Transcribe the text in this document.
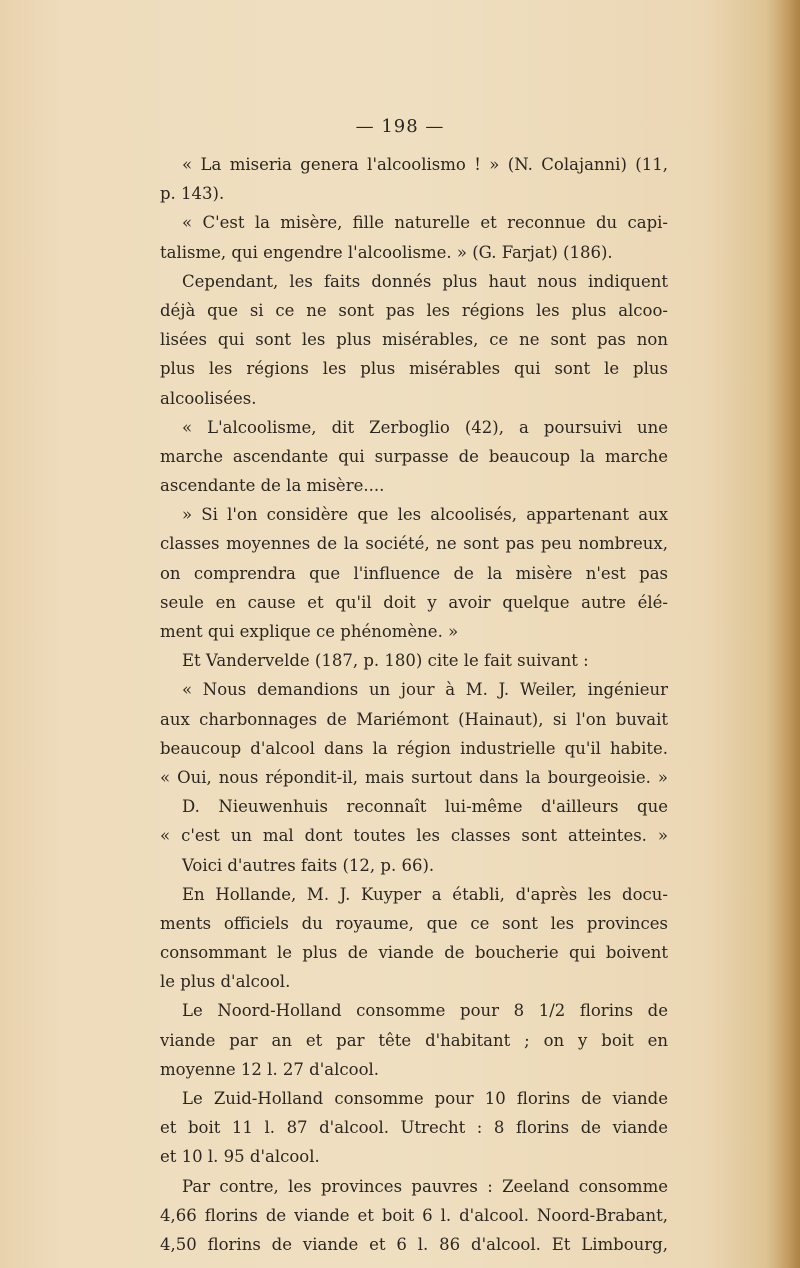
— 198 —
« La miseria genera l'alcoolismo ! » (N. Colajanni) (11,
p. 143).
« C'est la misère, fille naturelle et reconnue du capi-
talisme, qui engendre l'alcoolisme. » (G. Farjat) (186).
Cependant, les faits donnés plus haut nous indiquent
déjà que si ce ne sont pas les régions les plus alcoo-
lisées qui sont les plus misérables, ce ne sont pas non
plus les régions les plus misérables qui sont le plus
alcoolisées.
« L'alcoolisme, dit Zerboglio (42), a poursuivi une
marche ascendante qui surpasse de beaucoup la marche
ascendante de la misère....
» Si l'on considère que les alcoolisés, appartenant aux
classes moyennes de la société, ne sont pas peu nombreux,
on comprendra que l'influence de la misère n'est pas
seule en cause et qu'il doit y avoir quelque autre élé-
ment qui explique ce phénomène. »
Et Vandervelde (187, p. 180) cite le fait suivant :
« Nous demandions un jour à M. J. Weiler, ingénieur
aux charbonnages de Mariémont (Hainaut), si l'on buvait
beaucoup d'alcool dans la région industrielle qu'il habite.
« Oui, nous répondit-il, mais surtout dans la bourgeoisie. »
D. Nieuwenhuis reconnaît lui-même d'ailleurs que
« c'est un mal dont toutes les classes sont atteintes. »
Voici d'autres faits (12, p. 66).
En Hollande, M. J. Kuyper a établi, d'après les docu-
ments officiels du royaume, que ce sont les provinces
consommant le plus de viande de boucherie qui boivent
le plus d'alcool.
Le Noord-Holland consomme pour 8 1/2 florins de
viande par an et par tête d'habitant ; on y boit en
moyenne 12 l. 27 d'alcool.
Le Zuid-Holland consomme pour 10 florins de viande
et boit 11 l. 87 d'alcool. Utrecht : 8 florins de viande
et 10 l. 95 d'alcool.
Par contre, les provinces pauvres : Zeeland consomme
4,66 florins de viande et boit 6 l. d'alcool. Noord-Brabant,
4,50 florins de viande et 6 l. 86 d'alcool. Et Limbourg,
